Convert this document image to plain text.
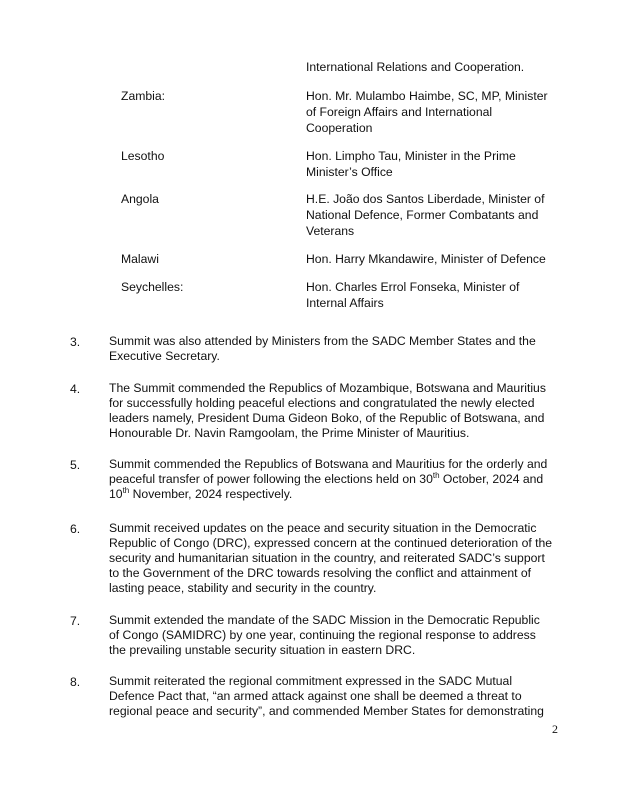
International Relations and Cooperation.
Zambia:	Hon. Mr. Mulambo Haimbe, SC, MP, Minister
of Foreign Affairs and International
Cooperation
Lesotho	Hon. Limpho Tau, Minister in the Prime
Minister’s Office
Angola	H.E. João dos Santos Liberdade, Minister of
National Defence, Former Combatants and
Veterans
Malawi	Hon. Harry Mkandawire, Minister of Defence
Seychelles:	Hon. Charles Errol Fonseka, Minister of
Internal Affairs
3. Summit was also attended by Ministers from the SADC Member States and the
Executive Secretary.
4. The Summit commended the Republics of Mozambique, Botswana and Mauritius
for successfully holding peaceful elections and congratulated the newly elected
leaders namely, President Duma Gideon Boko, of the Republic of Botswana, and
Honourable Dr. Navin Ramgoolam, the Prime Minister of Mauritius.
5. Summit commended the Republics of Botswana and Mauritius for the orderly and
peaceful transfer of power following the elections held on 30th October, 2024 and
10th November, 2024 respectively.
6. Summit received updates on the peace and security situation in the Democratic
Republic of Congo (DRC), expressed concern at the continued deterioration of the
security and humanitarian situation in the country, and reiterated SADC’s support
to the Government of the DRC towards resolving the conflict and attainment of
lasting peace, stability and security in the country.
7. Summit extended the mandate of the SADC Mission in the Democratic Republic
of Congo (SAMIDRC) by one year, continuing the regional response to address
the prevailing unstable security situation in eastern DRC.
8. Summit reiterated the regional commitment expressed in the SADC Mutual
Defence Pact that, “an armed attack against one shall be deemed a threat to
regional peace and security”, and commended Member States for demonstrating
2
